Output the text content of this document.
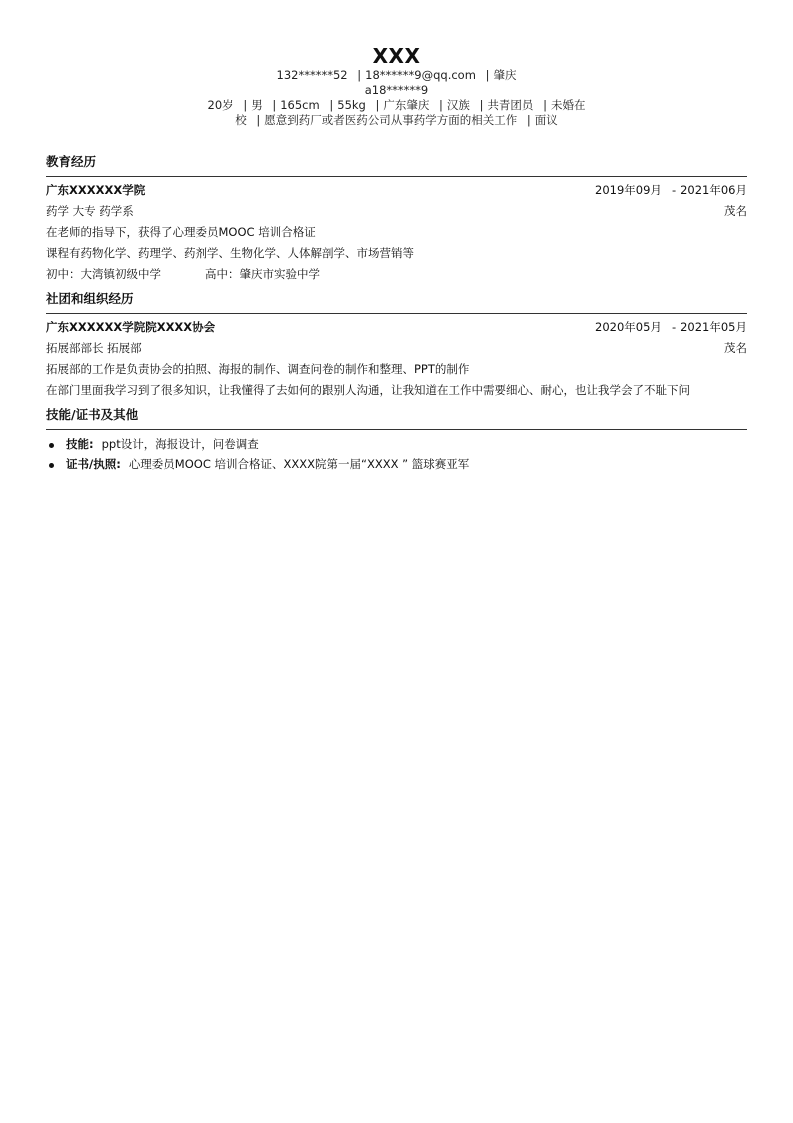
XXX

132******52 | 18******9@qq.com | 肇庆

a18******9

20岁 | 男 | 165cm | 55kg | 广东肇庆 | 汉族 | 共青团员 | 未婚在

校 | 愿意到药厂或者医药公司从事药学方面的相关工作 | 面议

教育经历

广东XXXXXX学院	2019年09月 - 2021年06月
药学 大专 药学系	茂名

在老师的指导下，获得了心理委员MOOC 培训合格证

课程有药物化学、药理学、药剂学、生物化学、人体解剖学、市场营销等

初中：大湾镇初级中学	高中：肇庆市实验中学

社团和组织经历

广东XXXXXX学院院XXXX协会	2020年05月 - 2021年05月
拓展部部长 拓展部	茂名

拓展部的工作是负责协会的拍照、海报的制作、调查问卷的制作和整理、PPT的制作

在部门里面我学习到了很多知识，让我懂得了去如何的跟别人沟通，让我知道在工作中需要细心、耐心，也让我学会了不耻下问

技能/证书及其他

技能: ppt设计，海报设计，问卷调查
证书/执照: 心理委员MOOC 培训合格证、XXXX院第一届“XXXX ” 篮球赛亚军
